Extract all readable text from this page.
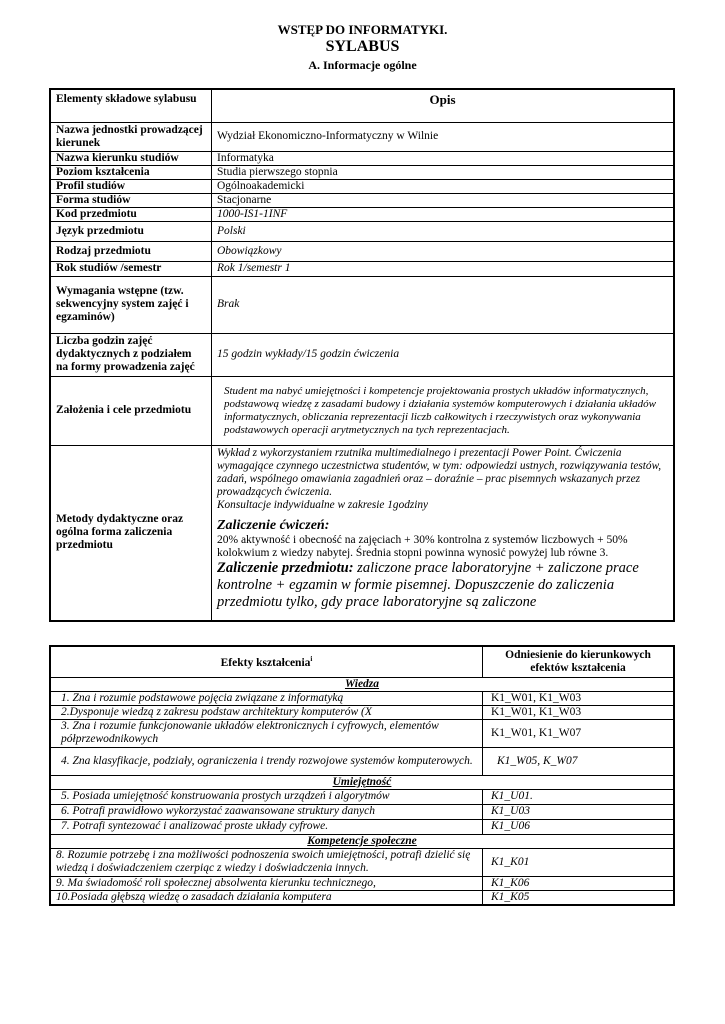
WSTĘP DO INFORMATYKI.
SYLABUS
A. Informacje ogólne
Elementy składowe sylabusu	Opis
Nazwa jednostki prowadzącej kierunek	Wydział Ekonomiczno-Informatyczny w Wilnie
Nazwa kierunku studiów	Informatyka
Poziom kształcenia	Studia pierwszego stopnia
Profil studiów	Ogólnoakademicki
Forma studiów	Stacjonarne
Kod przedmiotu	1000-IS1-1INF
Język przedmiotu	Polski
Rodzaj przedmiotu	Obowiązkowy
Rok studiów /semestr	Rok 1/semestr 1
Wymagania wstępne (tzw. sekwencyjny system zajęć i egzaminów)	Brak
Liczba godzin zajęć dydaktycznych z podziałem na formy prowadzenia zajęć	15 godzin wykłady/15 godzin ćwiczenia
Założenia i cele przedmiotu	Student ma nabyć umiejętności i kompetencje projektowania prostych układów informatycznych, podstawową wiedzę z zasadami budowy i działania systemów komputerowych i działania układów informatycznych, obliczania reprezentacji liczb całkowitych i rzeczywistych oraz wykonywania podstawowych operacji arytmetycznych na tych reprezentacjach.
Metody dydaktyczne oraz ogólna forma zaliczenia przedmiotu	Wykład z wykorzystaniem rzutnika multimedialnego i prezentacji Power Point. Ćwiczenia wymagające czynnego uczestnictwa studentów, w tym: odpowiedzi ustnych, rozwiązywania testów, zadań, wspólnego omawiania zagadnień oraz – doraźnie – prac pisemnych wskazanych przez prowadzących ćwiczenia.
Konsultacje indywidualne w zakresie 1godziny
Zaliczenie ćwiczeń:
20% aktywność i obecność na zajęciach + 30% kontrolna z systemów liczbowych + 50% kolokwium z wiedzy nabytej. Średnia stopni powinna wynosić powyżej lub równe 3.
Zaliczenie przedmiotu: zaliczone prace laboratoryjne + zaliczone prace kontrolne + egzamin w formie pisemnej. Dopuszczenie do zaliczenia przedmiotu tylko, gdy prace laboratoryjne są zaliczone
Efekty kształcenia$^i$	Odniesienie do kierunkowych efektów kształcenia
Wiedza	
1. Zna i rozumie podstawowe pojęcia związane z informatyką	K1_W01, K1_W03
2.Dysponuje wiedzą z zakresu podstaw architektury komputerów (X	K1_W01, K1_W03
3. Zna i rozumie funkcjonowanie układów elektronicznych i cyfrowych, elementów półprzewodnikowych	K1_W01, K1_W07
4. Zna klasyfikacje, podziały, ograniczenia i trendy rozwojowe systemów komputerowych.	K1_W05, K_W07
Umiejętność	
5. Posiada umiejętność konstruowania prostych urządzeń i algorytmów	K1_U01.
6. Potrafi prawidłowo wykorzystać zaawansowane struktury danych	K1_U03
7. Potrafi syntezować i analizować proste układy cyfrowe.	K1_U06
Kompetencje społeczne	
8. Rozumie potrzebę i zna możliwości podnoszenia swoich umiejętności, potrafi dzielić się wiedzą i doświadczeniem czerpiąc z wiedzy i doświadczenia innych.	K1_K01
9. Ma świadomość roli społecznej absolwenta kierunku technicznego,	K1_K06
10.Posiada głębszą wiedzę o zasadach działania komputera	K1_K05
